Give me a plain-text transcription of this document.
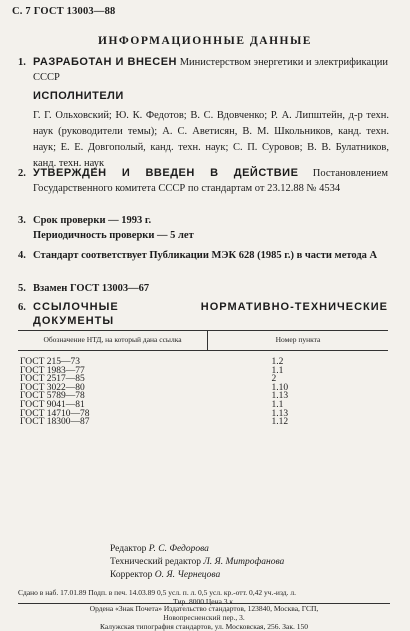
С. 7 ГОСТ 13003—88
ИНФОРМАЦИОННЫЕ ДАННЫЕ
1. РАЗРАБОТАН И ВНЕСЕН Министерством энергетики и электрификации СССР
ИСПОЛНИТЕЛИ
Г. Г. Ольховский; Ю. К. Федотов; В. С. Вдовченко; Р. А. Липштейн, д-р техн. наук (руководители темы); А. С. Аветисян, В. М. Школьников, канд. техн. наук; Е. Е. Довгополый, канд. техн. наук; С. П. Суровов; В. В. Булатников, канд. техн. наук
2. УТВЕРЖДЕН И ВВЕДЕН В ДЕЙСТВИЕ Постановлением Государственного комитета СССР по стандартам от 23.12.88 № 4534
3. Срок проверки — 1993 г.
Периодичность проверки — 5 лет
4. Стандарт соответствует Публикации МЭК 628 (1985 г.) в части метода А
5. Взамен ГОСТ 13003—67
6. ССЫЛОЧНЫЕ НОРМАТИВНО-ТЕХНИЧЕСКИЕ ДОКУМЕНТЫ
Обозначение НТД, на который дана ссылка	Номер пункта
ГОСТ 215—73	1.2
ГОСТ 1983—77	1.1
ГОСТ 2517—85	2
ГОСТ 3022—80	1.10
ГОСТ 5789—78	1.13
ГОСТ 9041—81	1.1
ГОСТ 14710—78	1.13
ГОСТ 18300—87	1.12
Редактор Р. С. Федорова
Технический редактор Л. Я. Митрофанова
Корректор О. Я. Чернецова
Сдано в наб. 17.01.89 Подп. в печ. 14.03.89 0,5 усл. п. л. 0,5 усл. кр.-отт. 0,42 уч.-изд. л.
Тир. 8000 Цена 3 к.
Ордена «Знак Почета» Издательство стандартов, 123840, Москва, ГСП,
Новопресненский пер., 3.
Калужская типография стандартов, ул. Московская, 256. Зак. 150
